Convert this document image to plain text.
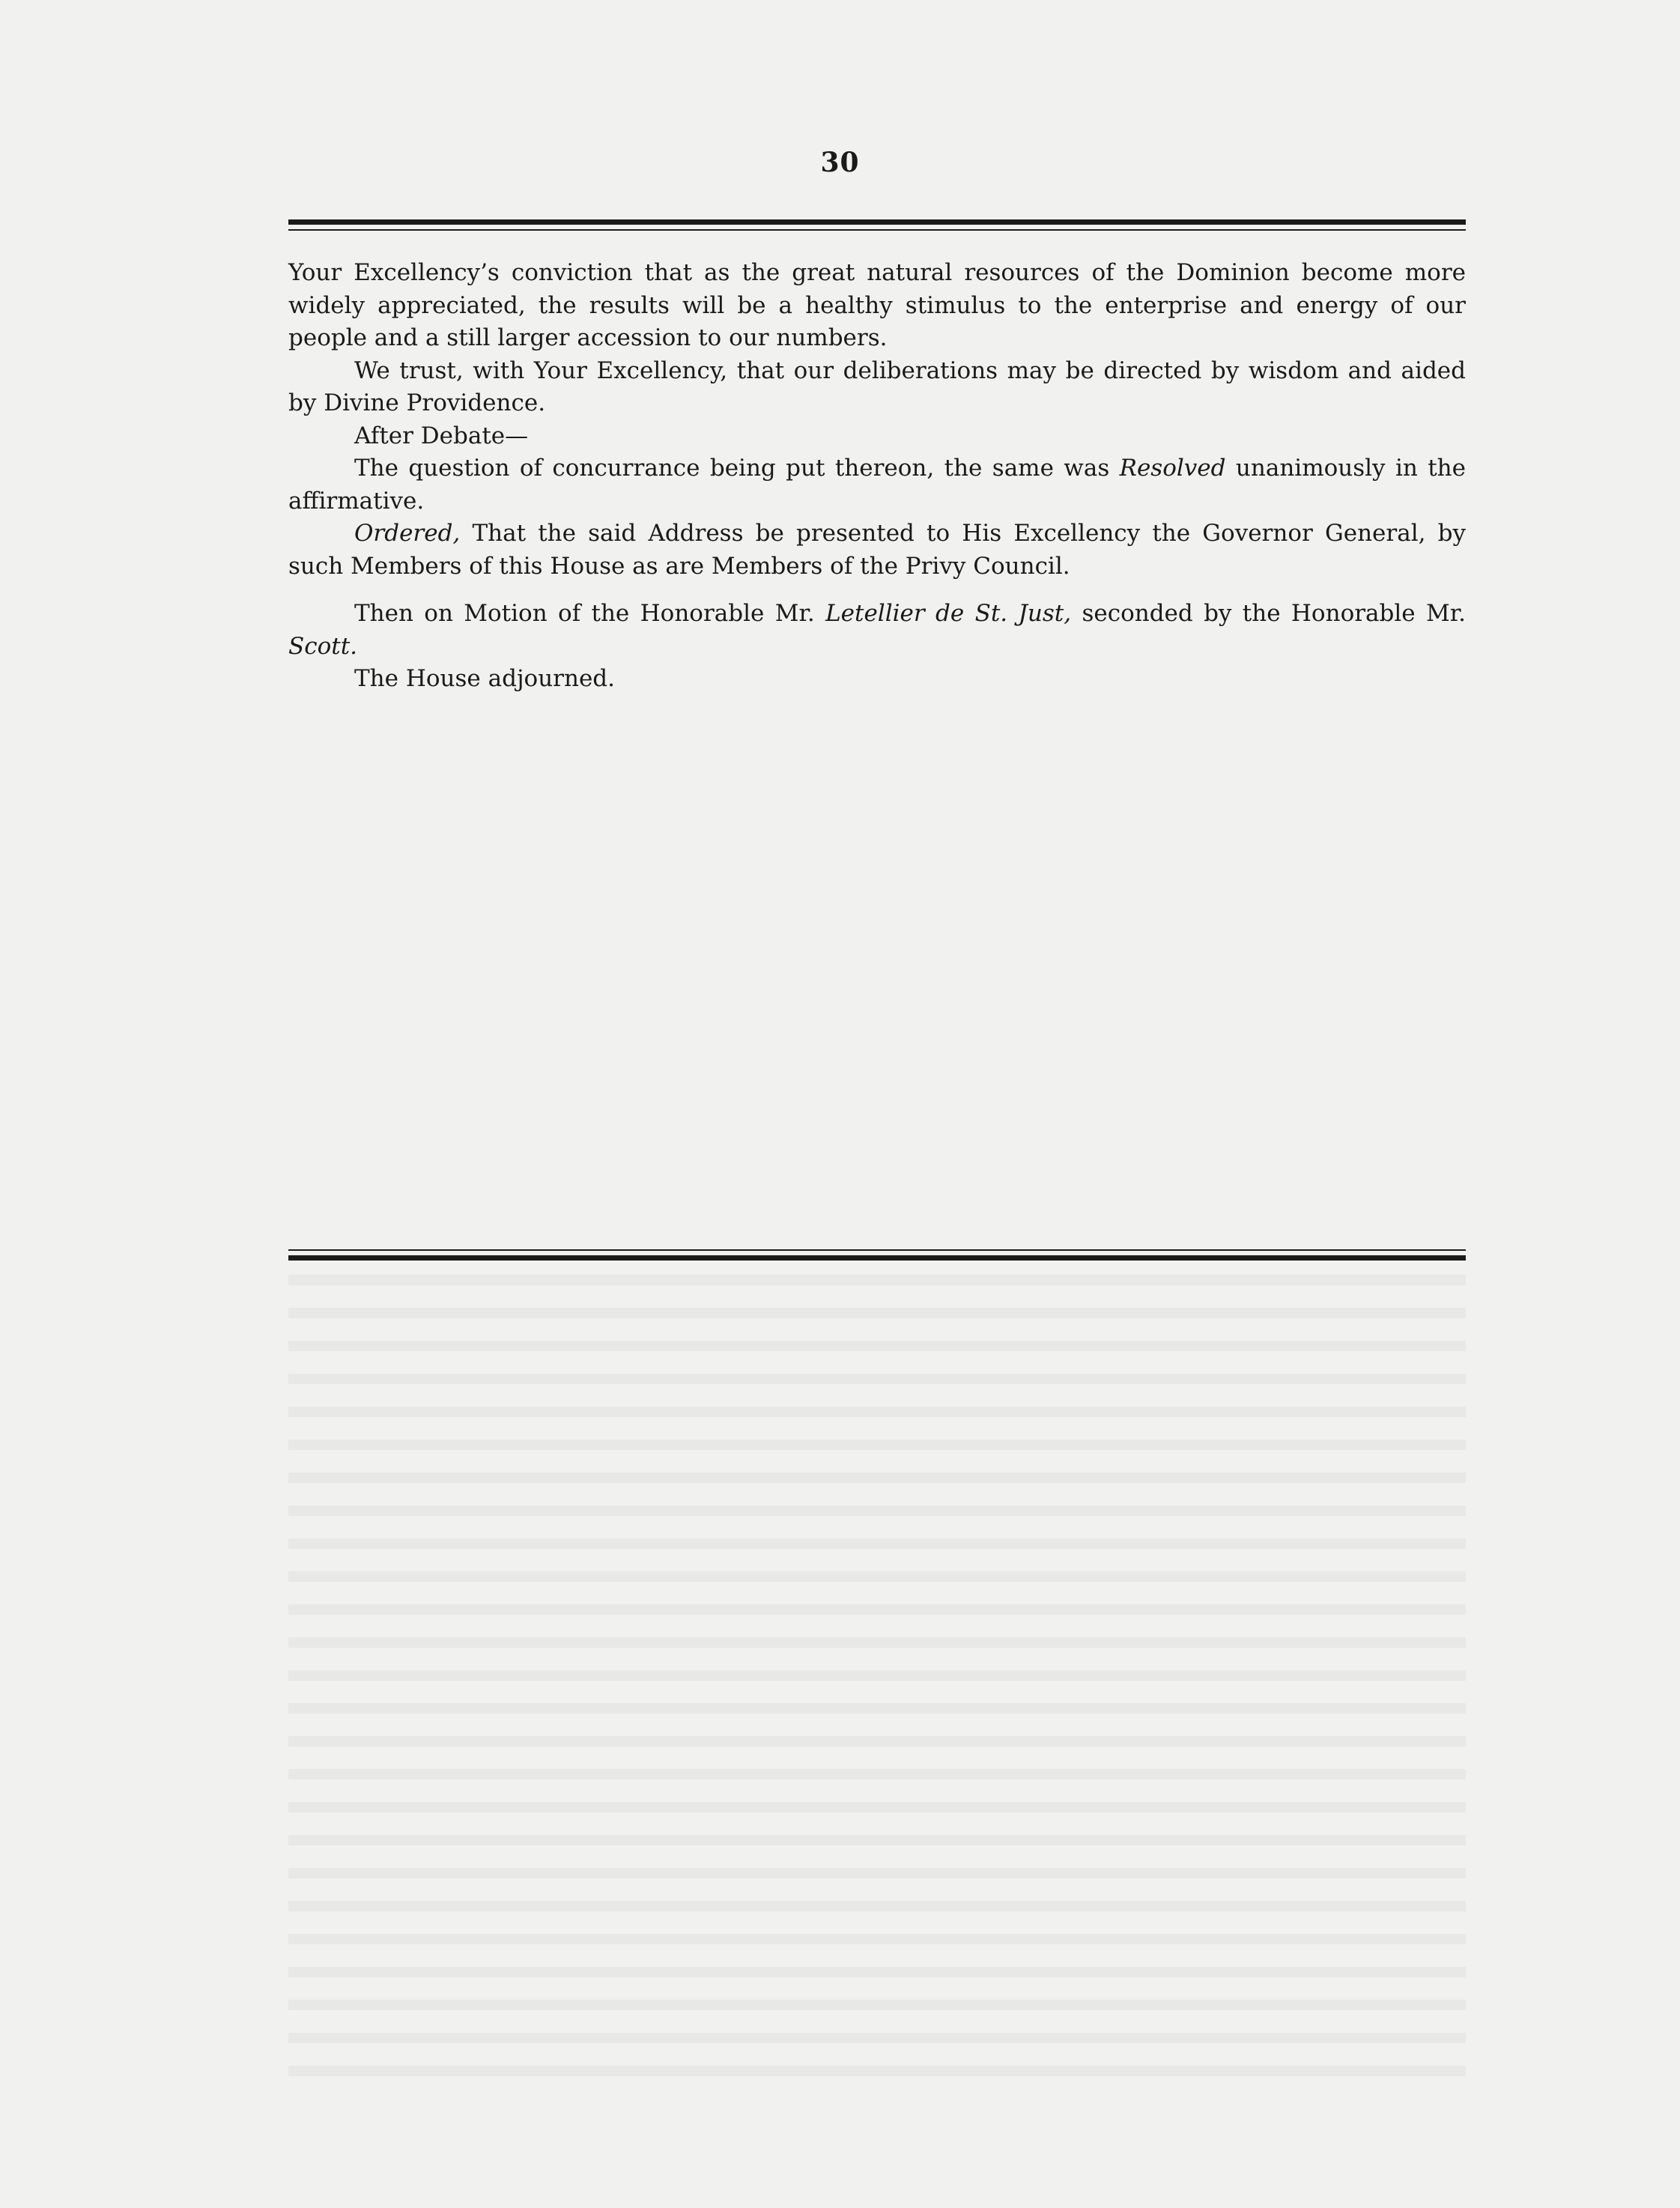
30

Your Excellency’s conviction that as the great natural resources of the Dominion become more widely appreciated, the results will be a healthy stimulus to the enterprise and energy of our people and a still larger accession to our numbers.

We trust, with Your Excellency, that our deliberations may be directed by wisdom and aided by Divine Providence.

After Debate—

The question of concurrance being put thereon, the same was Resolved unanimously in the affirmative.

Ordered, That the said Address be presented to His Excellency the Governor General, by such Members of this House as are Members of the Privy Council.

Then on Motion of the Honorable Mr. Letellier de St. Just, seconded by the Honorable Mr. Scott.

The House adjourned.
